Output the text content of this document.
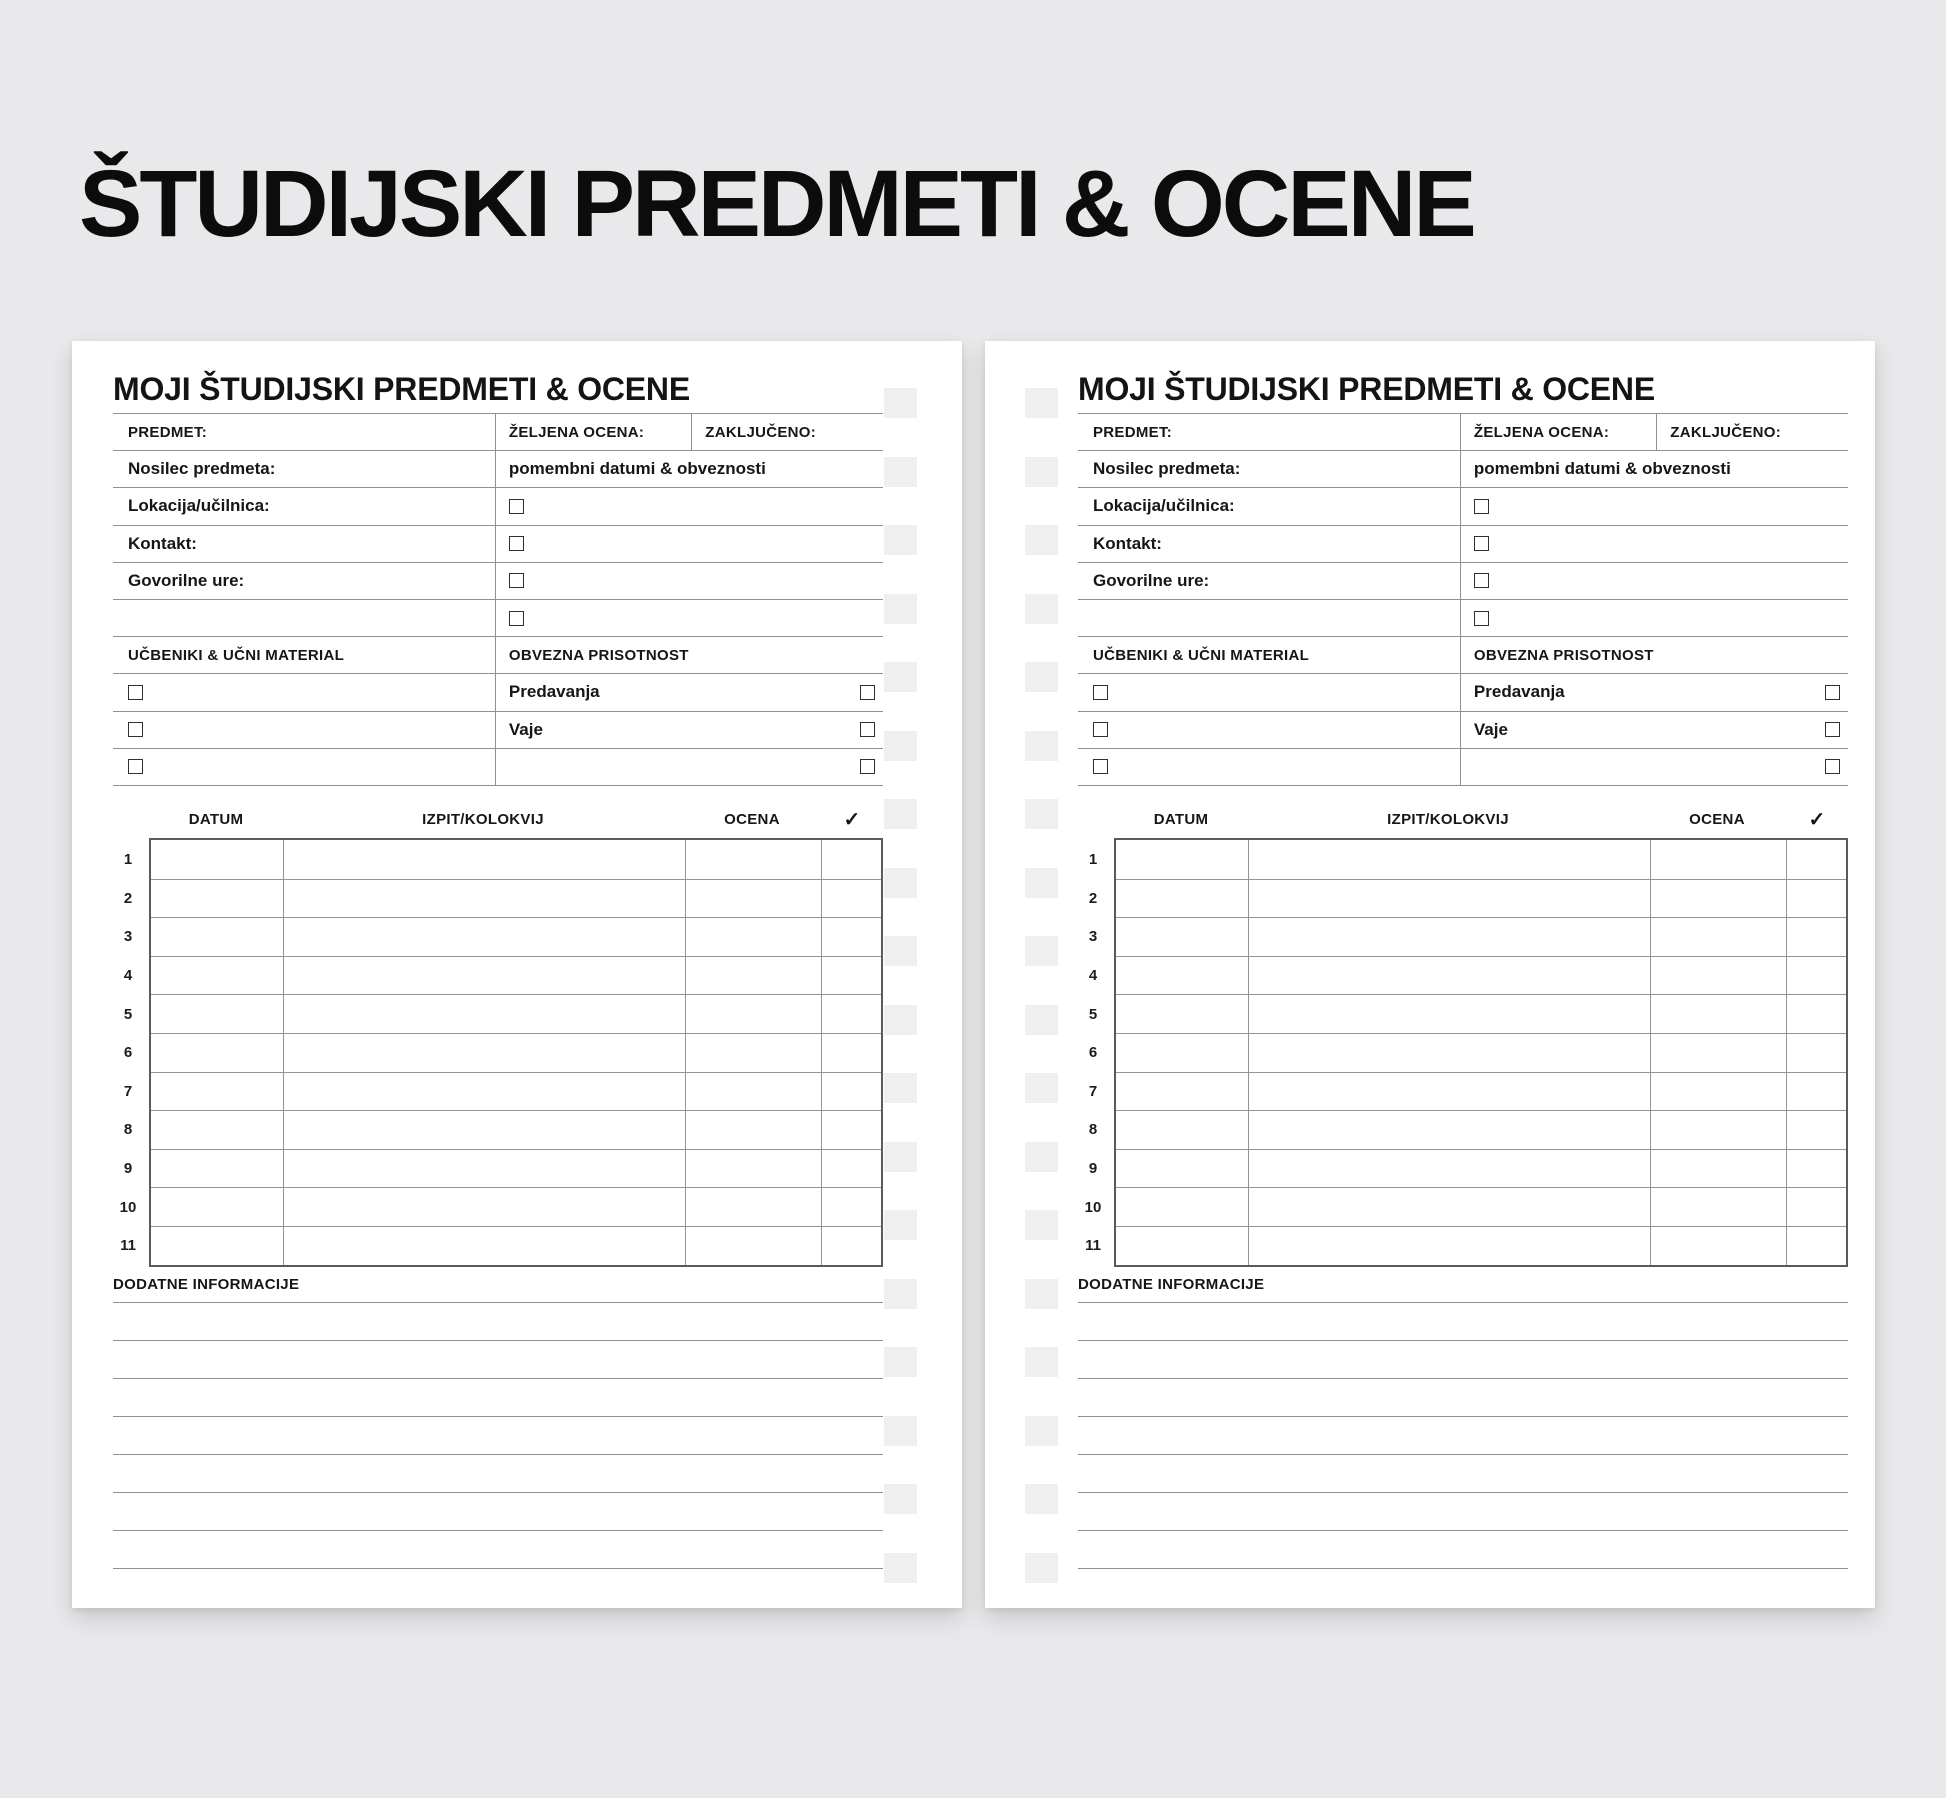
ŠTUDIJSKI PREDMETI & OCENE
MOJI ŠTUDIJSKI PREDMETI & OCENE
PREDMET:	ŽELJENA OCENA:	ZAKLJUČENO:
Nosilec predmeta:	pomembni datumi & obveznosti
Lokacija/učilnica:
Kontakt:
Govorilne ure:
UČBENIKI & UČNI MATERIAL	OBVEZNA PRISOTNOST
Predavanja
Vaje
DATUM	IZPIT/KOLOKVIJ	OCENA	✓
1
2
3
4
5
6
7
8
9
10
11
DODATNE INFORMACIJE
MOJI ŠTUDIJSKI PREDMETI & OCENE
PREDMET:	ŽELJENA OCENA:	ZAKLJUČENO:
Nosilec predmeta:	pomembni datumi & obveznosti
Lokacija/učilnica:
Kontakt:
Govorilne ure:
UČBENIKI & UČNI MATERIAL	OBVEZNA PRISOTNOST
Predavanja
Vaje
DATUM	IZPIT/KOLOKVIJ	OCENA	✓
1
2
3
4
5
6
7
8
9
10
11
DODATNE INFORMACIJE
